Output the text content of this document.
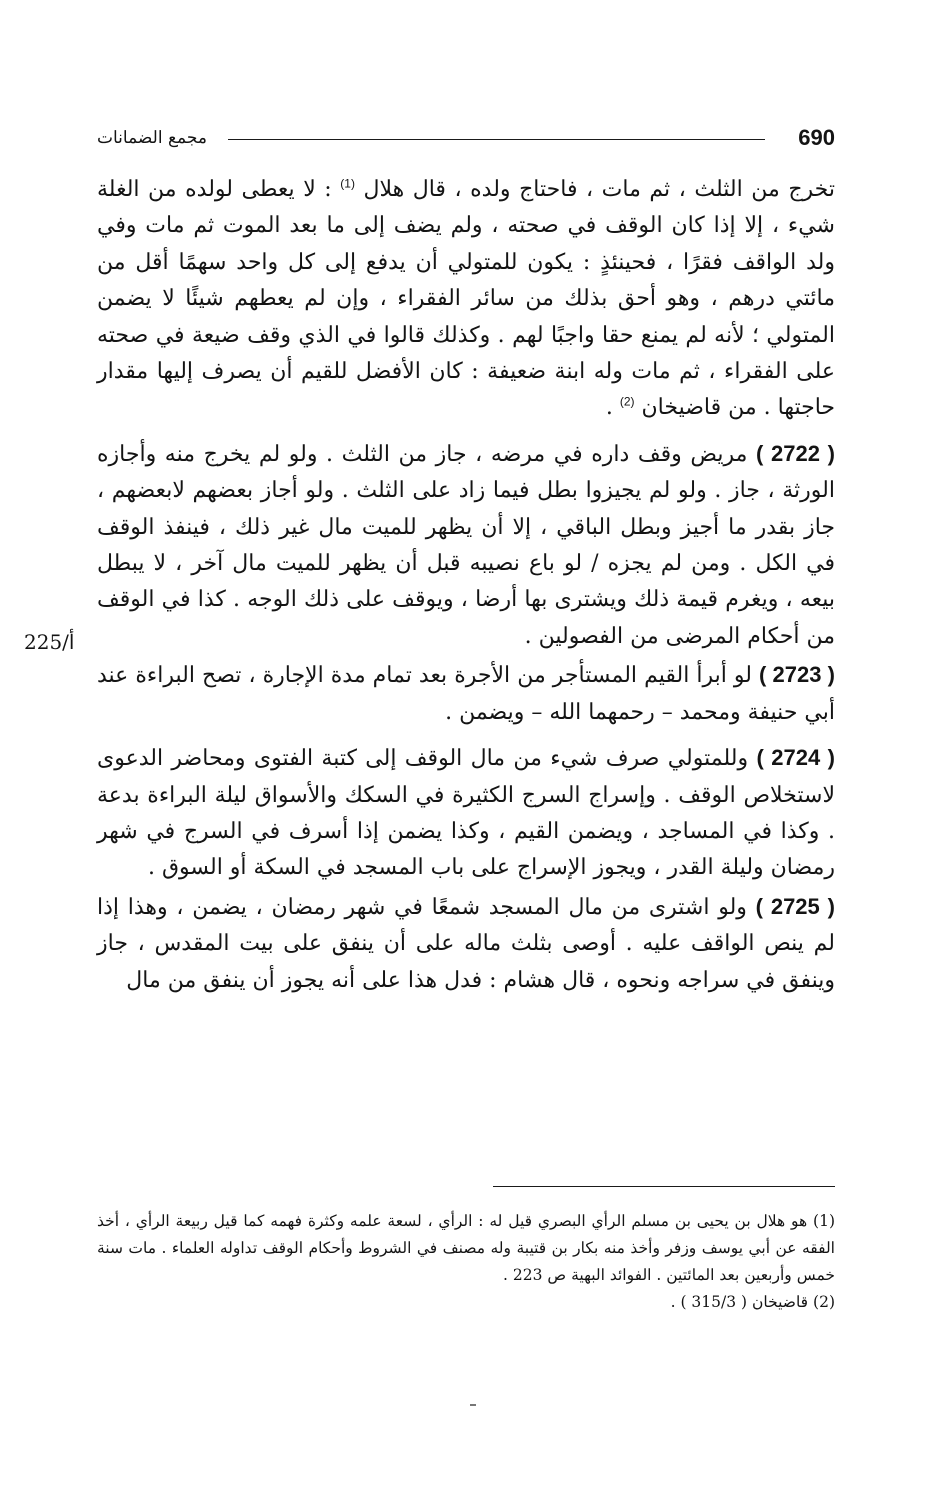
690
مجمع الضمانات
225/أ

تخرج من الثلث ، ثم مات ، فاحتاج ولده ، قال هلال $^{(1)}$ : لا يعطى لولده من الغلة شيء ، إلا إذا كان الوقف في صحته ، ولم يضف إلى ما بعد الموت ثم مات وفي ولد الواقف فقرًا ، فحينئذٍ : يكون للمتولي أن يدفع إلى كل واحد سهمًا أقل من مائتي درهم ، وهو أحق بذلك من سائر الفقراء ، وإن لم يعطهم شيئًا لا يضمن المتولي ؛ لأنه لم يمنع حقا واجبًا لهم . وكذلك قالوا في الذي وقف ضيعة في صحته على الفقراء ، ثم مات وله ابنة ضعيفة : كان الأفضل للقيم أن يصرف إليها مقدار حاجتها . من قاضيخان $^{(2)}$ .

( 2722 ) مريض وقف داره في مرضه ، جاز من الثلث . ولو لم يخرج منه وأجازه الورثة ، جاز . ولو لم يجيزوا بطل فيما زاد على الثلث . ولو أجاز بعضهم لابعضهم ، جاز بقدر ما أجيز وبطل الباقي ، إلا أن يظهر للميت مال غير ذلك ، فينفذ الوقف في الكل . ومن لم يجزه / لو باع نصيبه قبل أن يظهر للميت مال آخر ، لا يبطل بيعه ، ويغرم قيمة ذلك ويشترى بها أرضا ، ويوقف على ذلك الوجه . كذا في الوقف من أحكام المرضى من الفصولين .

( 2723 ) لو أبرأ القيم المستأجر من الأجرة بعد تمام مدة الإجارة ، تصح البراءة عند أبي حنيفة ومحمد – رحمهما الله – ويضمن .

( 2724 ) وللمتولي صرف شيء من مال الوقف إلى كتبة الفتوى ومحاضر الدعوى لاستخلاص الوقف . وإسراج السرج الكثيرة في السكك والأسواق ليلة البراءة بدعة . وكذا في المساجد ، ويضمن القيم ، وكذا يضمن إذا أسرف في السرج في شهر رمضان وليلة القدر ، ويجوز الإسراج على باب المسجد في السكة أو السوق .

( 2725 ) ولو اشترى من مال المسجد شمعًا في شهر رمضان ، يضمن ، وهذا إذا لم ينص الواقف عليه . أوصى بثلث ماله على أن ينفق على بيت المقدس ، جاز وينفق في سراجه ونحوه ، قال هشام : فدل هذا على أنه يجوز أن ينفق من مال

(1) هو هلال بن يحيى بن مسلم الرأي البصري قيل له : الرأي ، لسعة علمه وكثرة فهمه كما قيل ربيعة الرأي ، أخذ الفقه عن أبي يوسف وزفر وأخذ منه بكار بن قتيبة وله مصنف في الشروط وأحكام الوقف تداوله العلماء . مات سنة خمس وأربعين بعد المائتين . الفوائد البهية ص 223 .

(2) قاضيخان ( 315/3 ) .
